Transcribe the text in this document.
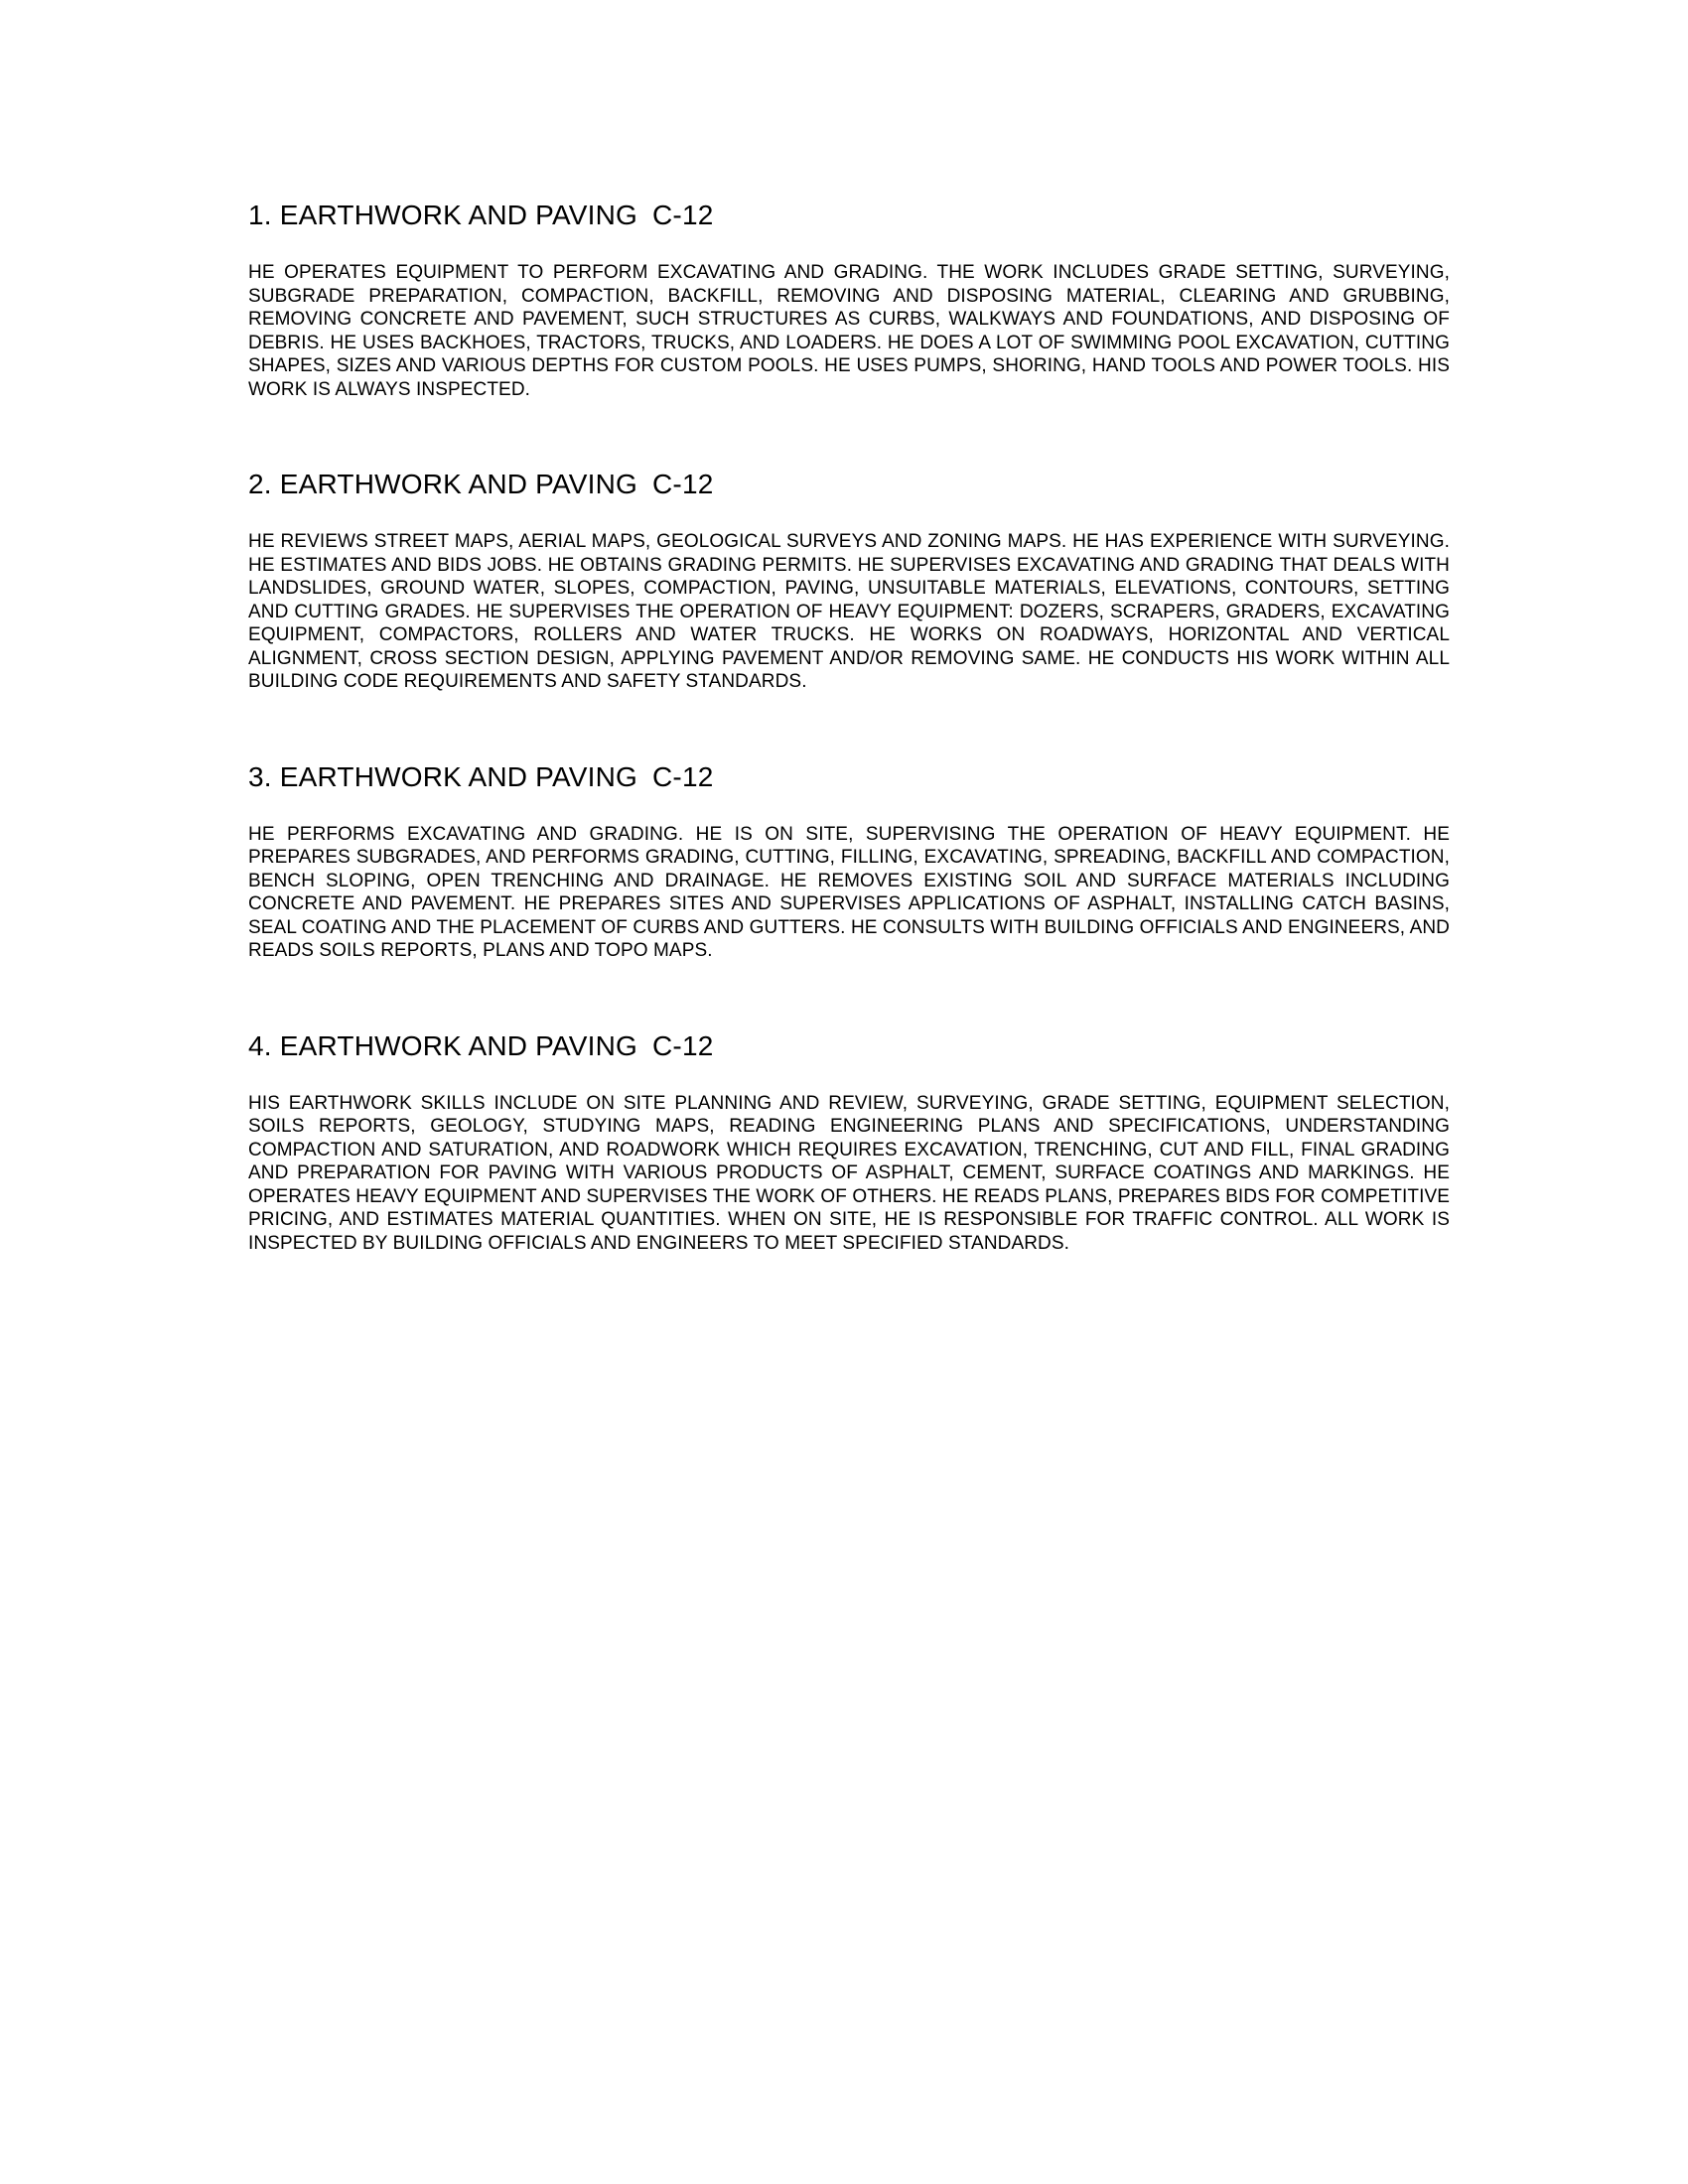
1. EARTHWORK AND PAVING C-12

HE OPERATES EQUIPMENT TO PERFORM EXCAVATING AND GRADING. THE WORK INCLUDES GRADE SETTING, SURVEYING, SUBGRADE PREPARATION, COMPACTION, BACKFILL, REMOVING AND DISPOSING MATERIAL, CLEARING AND GRUBBING, REMOVING CONCRETE AND PAVEMENT, SUCH STRUCTURES AS CURBS, WALKWAYS AND FOUNDATIONS, AND DISPOSING OF DEBRIS. HE USES BACKHOES, TRACTORS, TRUCKS, AND LOADERS. HE DOES A LOT OF SWIMMING POOL EXCAVATION, CUTTING SHAPES, SIZES AND VARIOUS DEPTHS FOR CUSTOM POOLS. HE USES PUMPS, SHORING, HAND TOOLS AND POWER TOOLS. HIS WORK IS ALWAYS INSPECTED.

2. EARTHWORK AND PAVING C-12

HE REVIEWS STREET MAPS, AERIAL MAPS, GEOLOGICAL SURVEYS AND ZONING MAPS. HE HAS EXPERIENCE WITH SURVEYING. HE ESTIMATES AND BIDS JOBS. HE OBTAINS GRADING PERMITS. HE SUPERVISES EXCAVATING AND GRADING THAT DEALS WITH LANDSLIDES, GROUND WATER, SLOPES, COMPACTION, PAVING, UNSUITABLE MATERIALS, ELEVATIONS, CONTOURS, SETTING AND CUTTING GRADES. HE SUPERVISES THE OPERATION OF HEAVY EQUIPMENT: DOZERS, SCRAPERS, GRADERS, EXCAVATING EQUIPMENT, COMPACTORS, ROLLERS AND WATER TRUCKS. HE WORKS ON ROADWAYS, HORIZONTAL AND VERTICAL ALIGNMENT, CROSS SECTION DESIGN, APPLYING PAVEMENT AND/OR REMOVING SAME. HE CONDUCTS HIS WORK WITHIN ALL BUILDING CODE REQUIREMENTS AND SAFETY STANDARDS.

3. EARTHWORK AND PAVING C-12

HE PERFORMS EXCAVATING AND GRADING. HE IS ON SITE, SUPERVISING THE OPERATION OF HEAVY EQUIPMENT. HE PREPARES SUBGRADES, AND PERFORMS GRADING, CUTTING, FILLING, EXCAVATING, SPREADING, BACKFILL AND COMPACTION, BENCH SLOPING, OPEN TRENCHING AND DRAINAGE. HE REMOVES EXISTING SOIL AND SURFACE MATERIALS INCLUDING CONCRETE AND PAVEMENT. HE PREPARES SITES AND SUPERVISES APPLICATIONS OF ASPHALT, INSTALLING CATCH BASINS, SEAL COATING AND THE PLACEMENT OF CURBS AND GUTTERS. HE CONSULTS WITH BUILDING OFFICIALS AND ENGINEERS, AND READS SOILS REPORTS, PLANS AND TOPO MAPS.

4. EARTHWORK AND PAVING C-12

HIS EARTHWORK SKILLS INCLUDE ON SITE PLANNING AND REVIEW, SURVEYING, GRADE SETTING, EQUIPMENT SELECTION, SOILS REPORTS, GEOLOGY, STUDYING MAPS, READING ENGINEERING PLANS AND SPECIFICATIONS, UNDERSTANDING COMPACTION AND SATURATION, AND ROADWORK WHICH REQUIRES EXCAVATION, TRENCHING, CUT AND FILL, FINAL GRADING AND PREPARATION FOR PAVING WITH VARIOUS PRODUCTS OF ASPHALT, CEMENT, SURFACE COATINGS AND MARKINGS. HE OPERATES HEAVY EQUIPMENT AND SUPERVISES THE WORK OF OTHERS. HE READS PLANS, PREPARES BIDS FOR COMPETITIVE PRICING, AND ESTIMATES MATERIAL QUANTITIES. WHEN ON SITE, HE IS RESPONSIBLE FOR TRAFFIC CONTROL. ALL WORK IS INSPECTED BY BUILDING OFFICIALS AND ENGINEERS TO MEET SPECIFIED STANDARDS.
